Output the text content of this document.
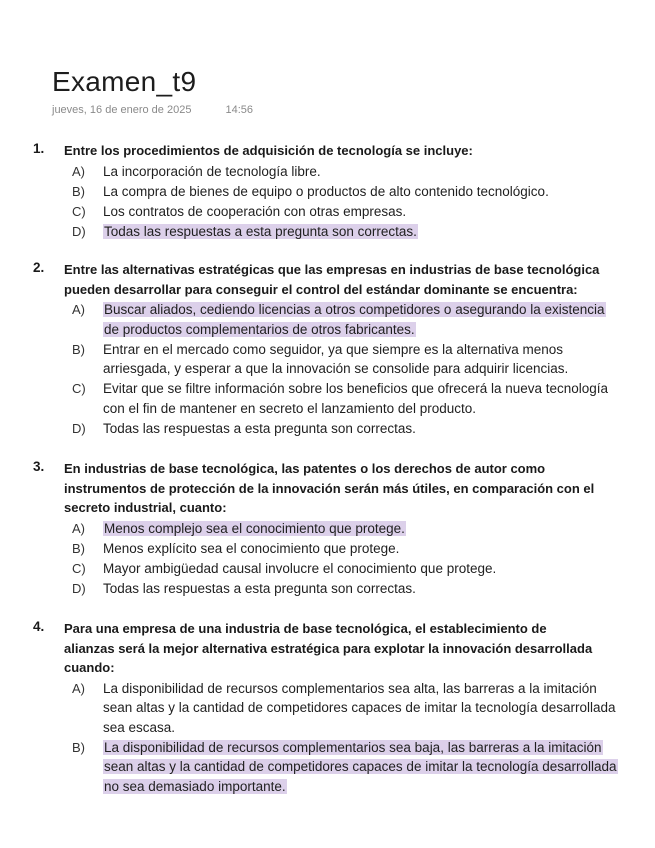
Examen_t9
jueves, 16 de enero de 2025	14:56
1. Entre los procedimientos de adquisición de tecnología se incluye:

A) La incorporación de tecnología libre.

B) La compra de bienes de equipo o productos de alto contenido tecnológico.

C) Los contratos de cooperación con otras empresas.

D) Todas las respuestas a esta pregunta son correctas.

2. Entre las alternativas estratégicas que las empresas en industrias de base tecnológica
pueden desarrollar para conseguir el control del estándar dominante se encuentra:

A) Buscar aliados, cediendo licencias a otros competidores o asegurando la existencia
de productos complementarios de otros fabricantes.

B) Entrar en el mercado como seguidor, ya que siempre es la alternativa menos
arriesgada, y esperar a que la innovación se consolide para adquirir licencias.

C) Evitar que se filtre información sobre los beneficios que ofrecerá la nueva tecnología
con el fin de mantener en secreto el lanzamiento del producto.

D) Todas las respuestas a esta pregunta son correctas.

3. En industrias de base tecnológica, las patentes o los derechos de autor como
instrumentos de protección de la innovación serán más útiles, en comparación con el
secreto industrial, cuanto:

A) Menos complejo sea el conocimiento que protege.

B) Menos explícito sea el conocimiento que protege.

C) Mayor ambigüedad causal involucre el conocimiento que protege.

D) Todas las respuestas a esta pregunta son correctas.

4. Para una empresa de una industria de base tecnológica, el establecimiento de
alianzas será la mejor alternativa estratégica para explotar la innovación desarrollada
cuando:

A) La disponibilidad de recursos complementarios sea alta, las barreras a la imitación
sean altas y la cantidad de competidores capaces de imitar la tecnología desarrollada
sea escasa.

B) La disponibilidad de recursos complementarios sea baja, las barreras a la imitación
sean altas y la cantidad de competidores capaces de imitar la tecnología desarrollada
no sea demasiado importante.
